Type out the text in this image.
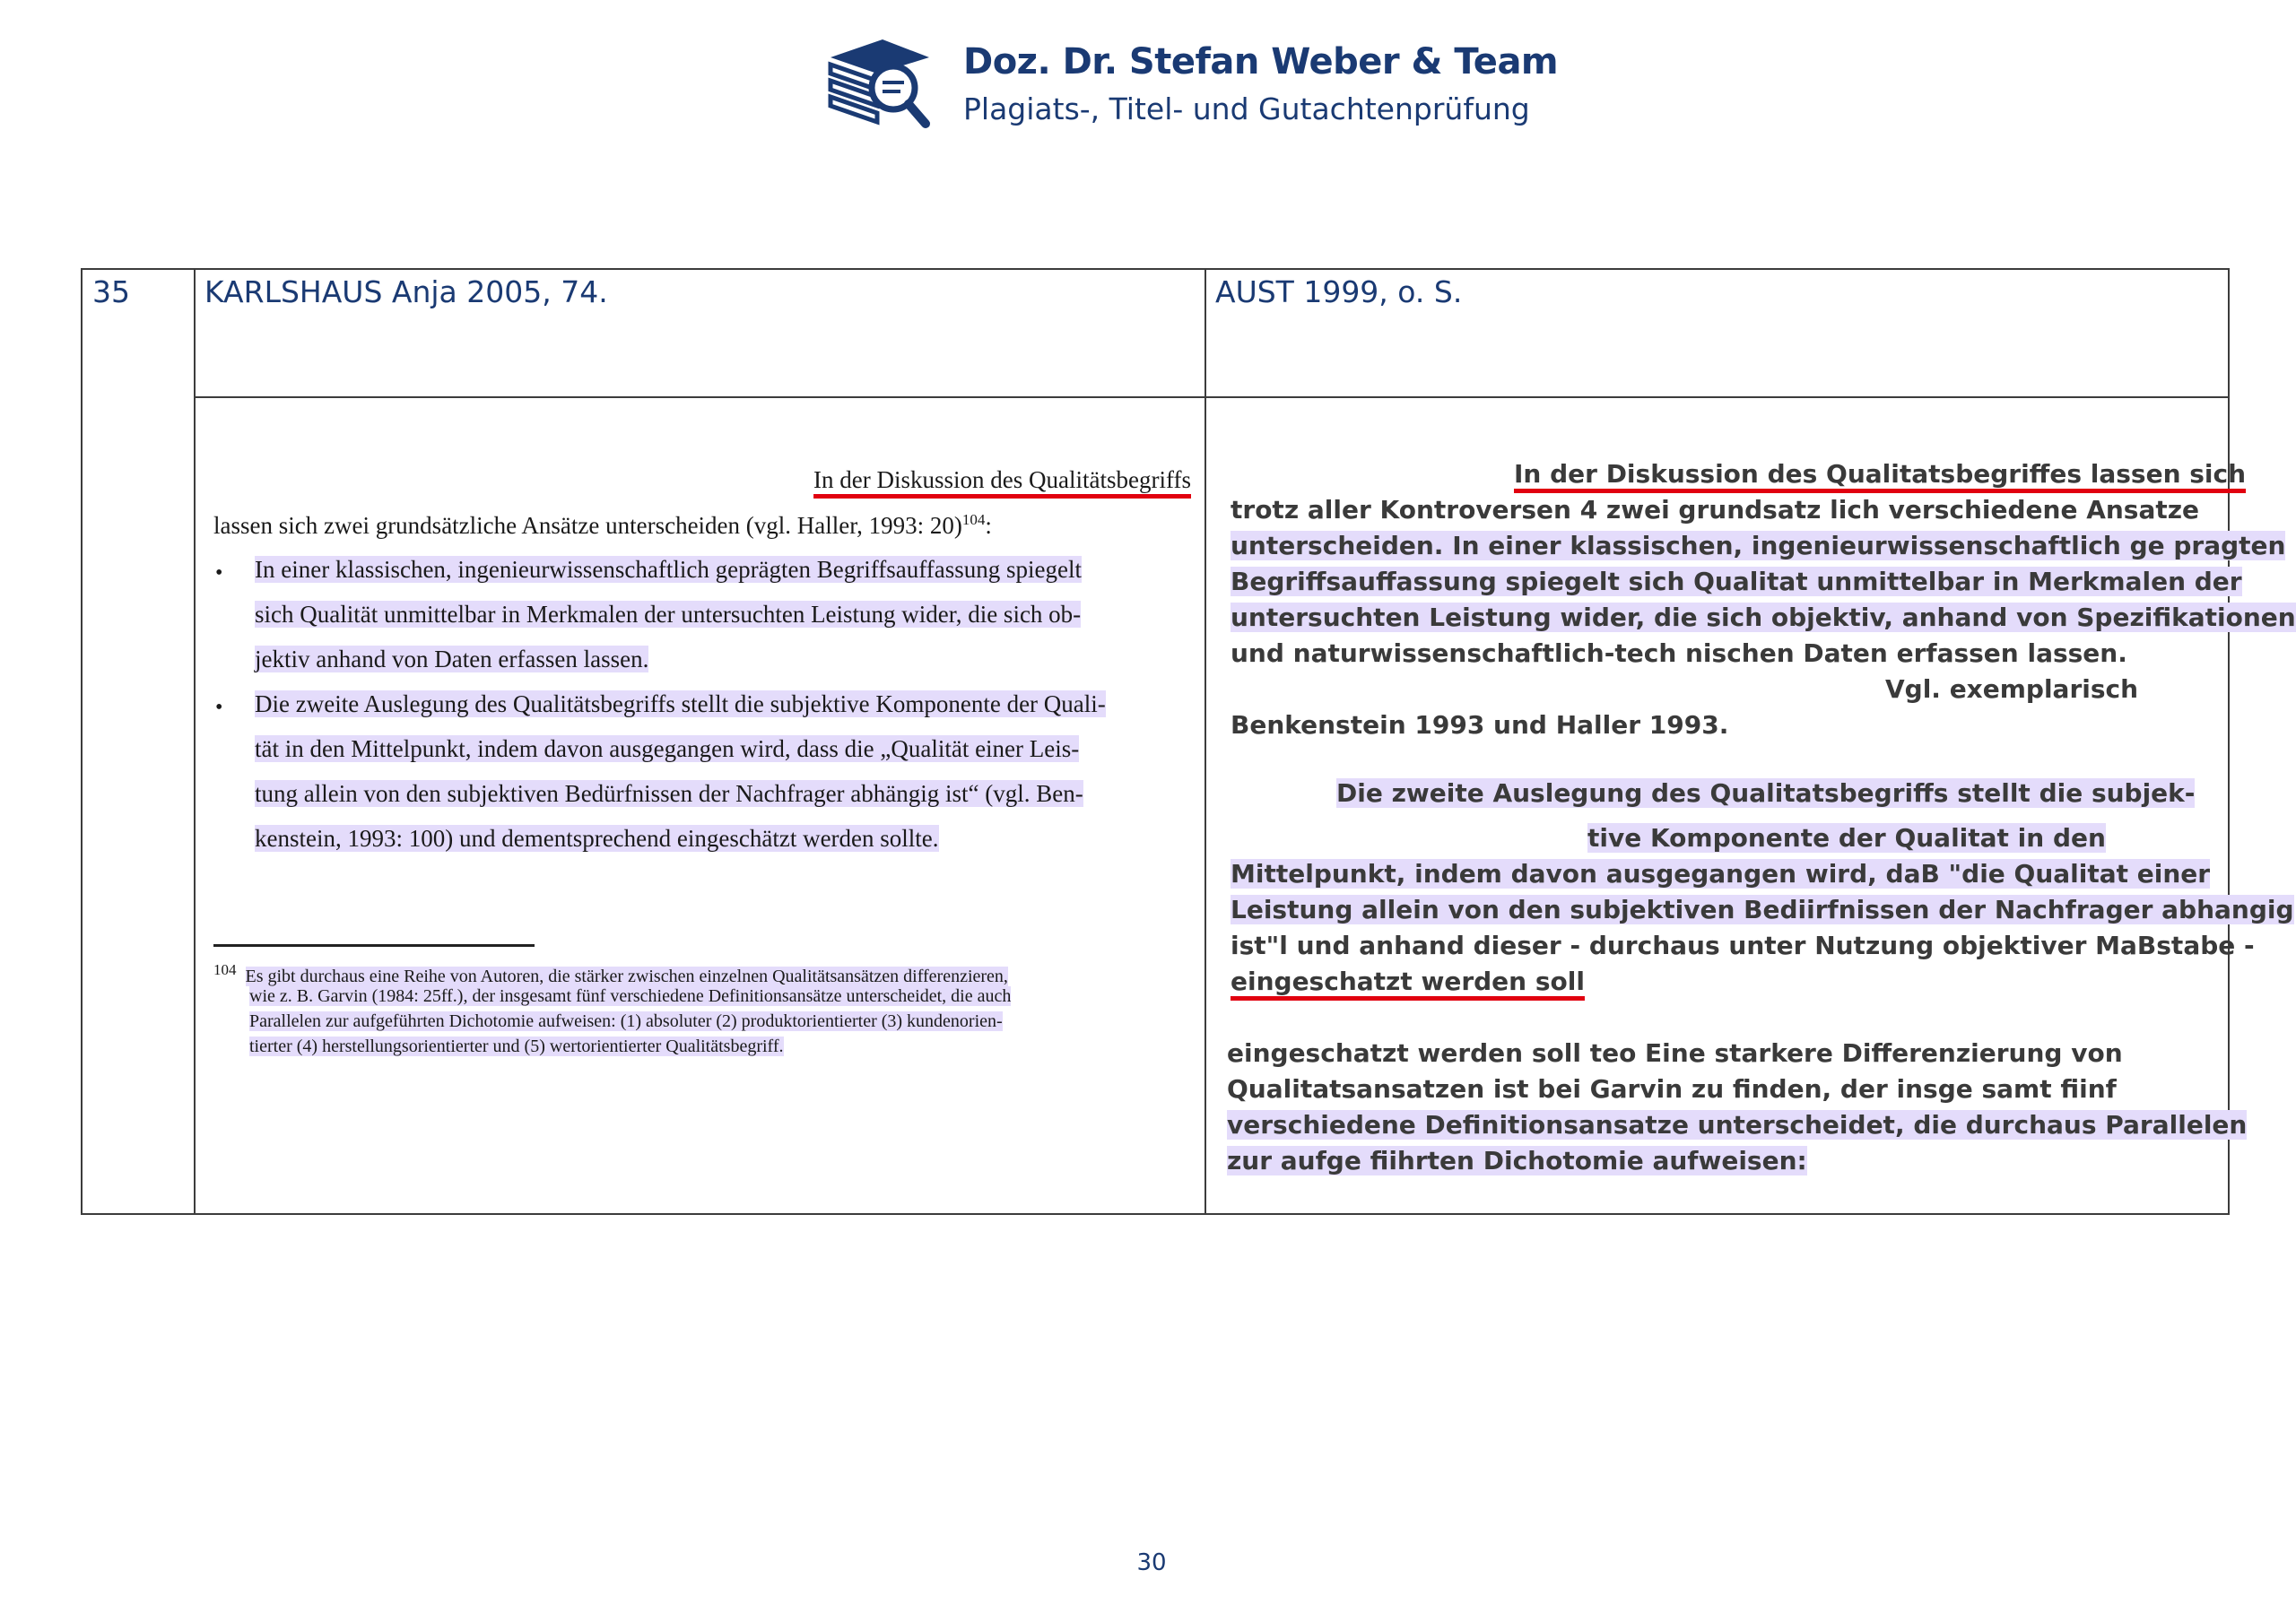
Doz. Dr. Stefan Weber & Team
Plagiats-, Titel- und Gutachtenprüfung
35	KARLSHAUS Anja 2005, 74.	AUST 1999, o. S.
In der Diskussion des Qualitätsbegriffs
lassen sich zwei grundsätzliche Ansätze unterscheiden (vgl. Haller, 1993: 20)$^{104}$:
• In einer klassischen, ingenieurwissenschaftlich geprägten Begriffsauffassung spiegelt
sich Qualität unmittelbar in Merkmalen der untersuchten Leistung wider, die sich ob-
jektiv anhand von Daten erfassen lassen.
• Die zweite Auslegung des Qualitätsbegriffs stellt die subjektive Komponente der Quali-
tät in den Mittelpunkt, indem davon ausgegangen wird, dass die „Qualität einer Leis-
tung allein von den subjektiven Bedürfnissen der Nachfrager abhängig ist“ (vgl. Ben-
kenstein, 1993: 100) und dementsprechend eingeschätzt werden sollte.
$^{104}$ Es gibt durchaus eine Reihe von Autoren, die stärker zwischen einzelnen Qualitätsansätzen differenzieren,
wie z. B. Garvin (1984: 25ff.), der insgesamt fünf verschiedene Definitionsansätze unterscheidet, die auch
Parallelen zur aufgeführten Dichotomie aufweisen: (1) absoluter (2) produktorientierter (3) kundenorien-
tierter (4) herstellungsorientierter und (5) wertorientierter Qualitätsbegriff.
In der Diskussion des Qualitatsbegriffes lassen sich
trotz aller Kontroversen 4 zwei grundsatz lich verschiedene Ansatze
unterscheiden. In einer klassischen, ingenieurwissenschaftlich ge pragten
Begriffsauffassung spiegelt sich Qualitat unmittelbar in Merkmalen der
untersuchten Leistung wider, die sich objektiv, anhand von Spezifikationen
und naturwissenschaftlich-tech nischen Daten erfassen lassen.
Vgl. exemplarisch
Benkenstein 1993 und Haller 1993.
Die zweite Auslegung des Qualitatsbegriffs stellt die subjek-
tive Komponente der Qualitat in den
Mittelpunkt, indem davon ausgegangen wird, daB "die Qualitat einer
Leistung allein von den subjektiven Bediirfnissen der Nachfrager abhangig
ist"l und anhand dieser - durchaus unter Nutzung objektiver MaBstabe -
eingeschatzt werden soll
eingeschatzt werden soll teo Eine starkere Differenzierung von
Qualitatsansatzen ist bei Garvin zu finden, der insge samt fiinf
verschiedene Definitionsansatze unterscheidet, die durchaus Parallelen
zur aufge fiihrten Dichotomie aufweisen:
30
